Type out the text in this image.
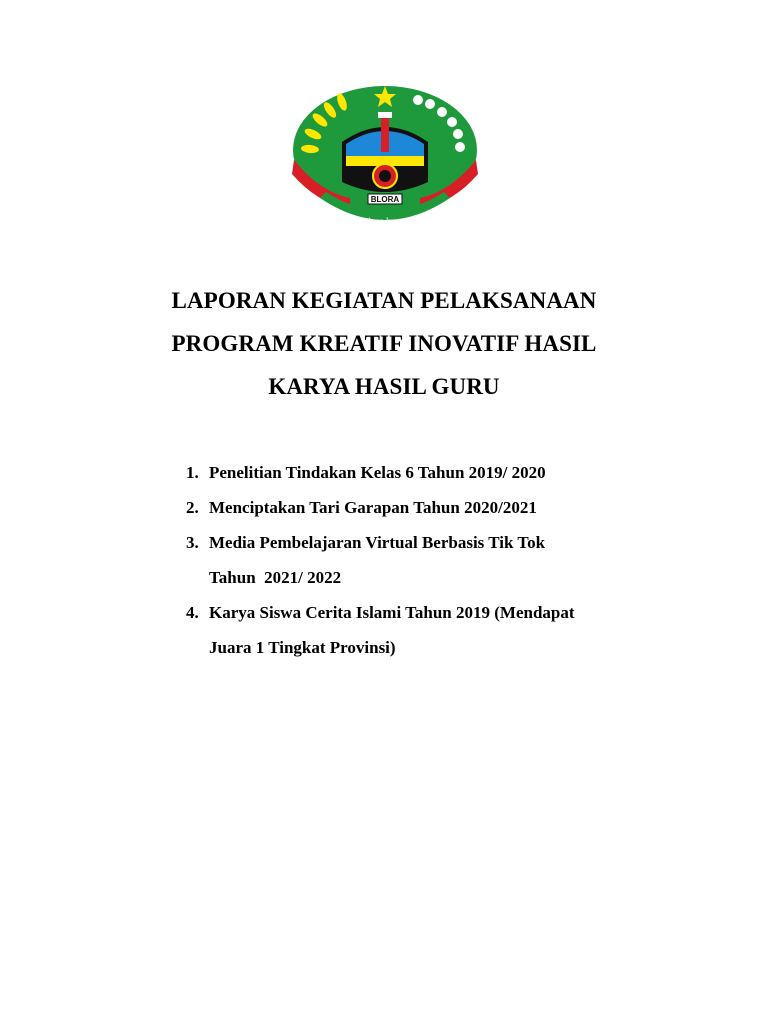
BLORA
sarana jaya karta bhumi
LAPORAN KEGIATAN PELAKSANAAN
PROGRAM KREATIF INOVATIF HASIL
KARYA HASIL GURU
1. Penelitian Tindakan Kelas 6 Tahun 2019/ 2020
2. Menciptakan Tari Garapan Tahun 2020/2021
3. Media Pembelajaran Virtual Berbasis Tik Tok
Tahun  2021/ 2022
4. Karya Siswa Cerita Islami Tahun 2019 (Mendapat
Juara 1 Tingkat Provinsi)
